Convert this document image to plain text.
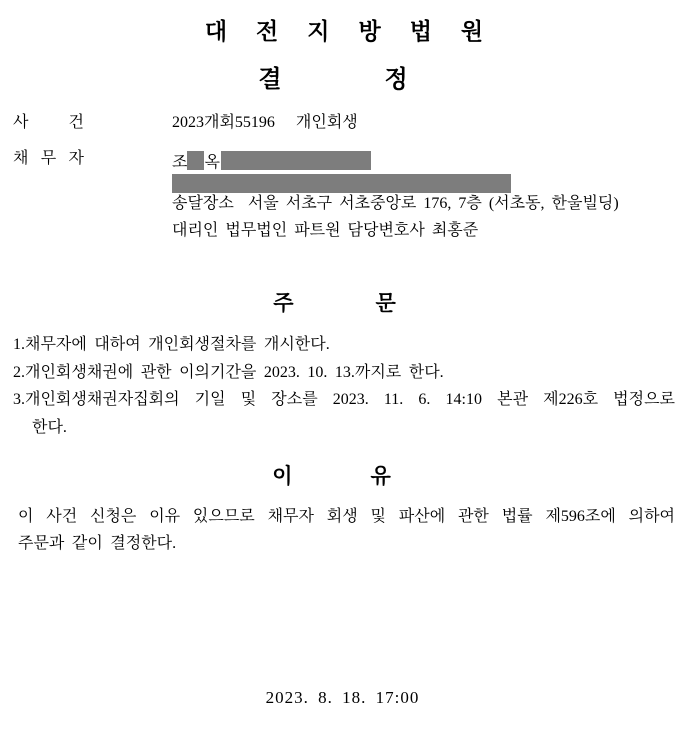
대전지방법원
결정
사	건	2023개회55196 개인회생
채 무 자	조 옥
송달장소  서울 서초구 서초중앙로 176, 7층 (서초동, 한울빌딩)
대리인 법무법인 파트원 담당변호사 최홍준
주문
1. 채무자에 대하여 개인회생절차를 개시한다.
2. 개인회생채권에 관한 이의기간을 2023. 10. 13.까지로 한다.
3. 개인회생채권자집회의 기일 및 장소를 2023. 11. 6. 14:10 본관 제226호 법정으로
한다.
이유
이 사건 신청은 이유 있으므로 채무자 회생 및 파산에 관한 법률 제596조에 의하여
주문과 같이 결정한다.
2023. 8. 18. 17:00
